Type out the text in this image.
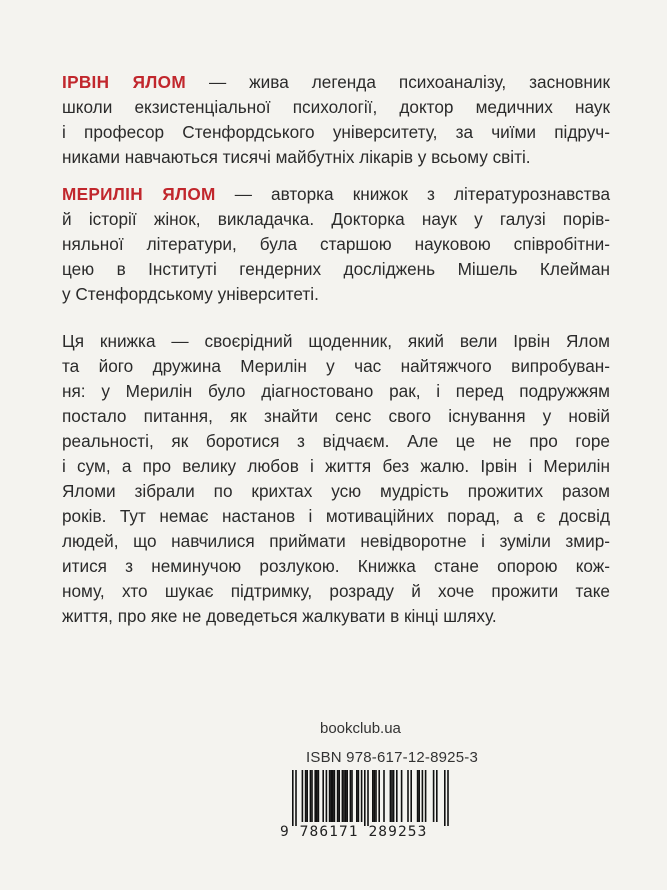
ІРВІН ЯЛОМ — жива легенда психоаналізу, засновник
школи екзистенціальної психології, доктор медичних наук
і професор Стенфордського університету, за чиїми підруч-
никами навчаються тисячі майбутніх лікарів у всьому світі.
МЕРИЛІН ЯЛОМ — авторка книжок з літературознавства
й історії жінок, викладачка. Докторка наук у галузі порів-
няльної літератури, була старшою науковою співробітни-
цею в Інституті гендерних досліджень Мішель Клейман
у Стенфордському університеті.
Ця книжка — своєрідний щоденник, який вели Ірвін Ялом
та його дружина Мерилін у час найтяжчого випробуван-
ня: у Мерилін було діагностовано рак, і перед подружжям
постало питання, як знайти сенс свого існування у новій
реальності, як боротися з відчаєм. Але це не про горе
і сум, а про велику любов і життя без жалю. Ірвін і Мерилін
Яломи зібрали по крихтах усю мудрість прожитих разом
років. Тут немає настанов і мотиваційних порад, а є досвід
людей, що навчилися приймати невідворотне і зуміли змир-
итися з неминучою розлукою. Книжка стане опорою кож-
ному, хто шукає підтримку, розраду й хоче прожити таке
життя, про яке не доведеться жалкувати в кінці шляху.
bookclub.ua
ISBN 978-617-12-8925-3
9 786171 289253
